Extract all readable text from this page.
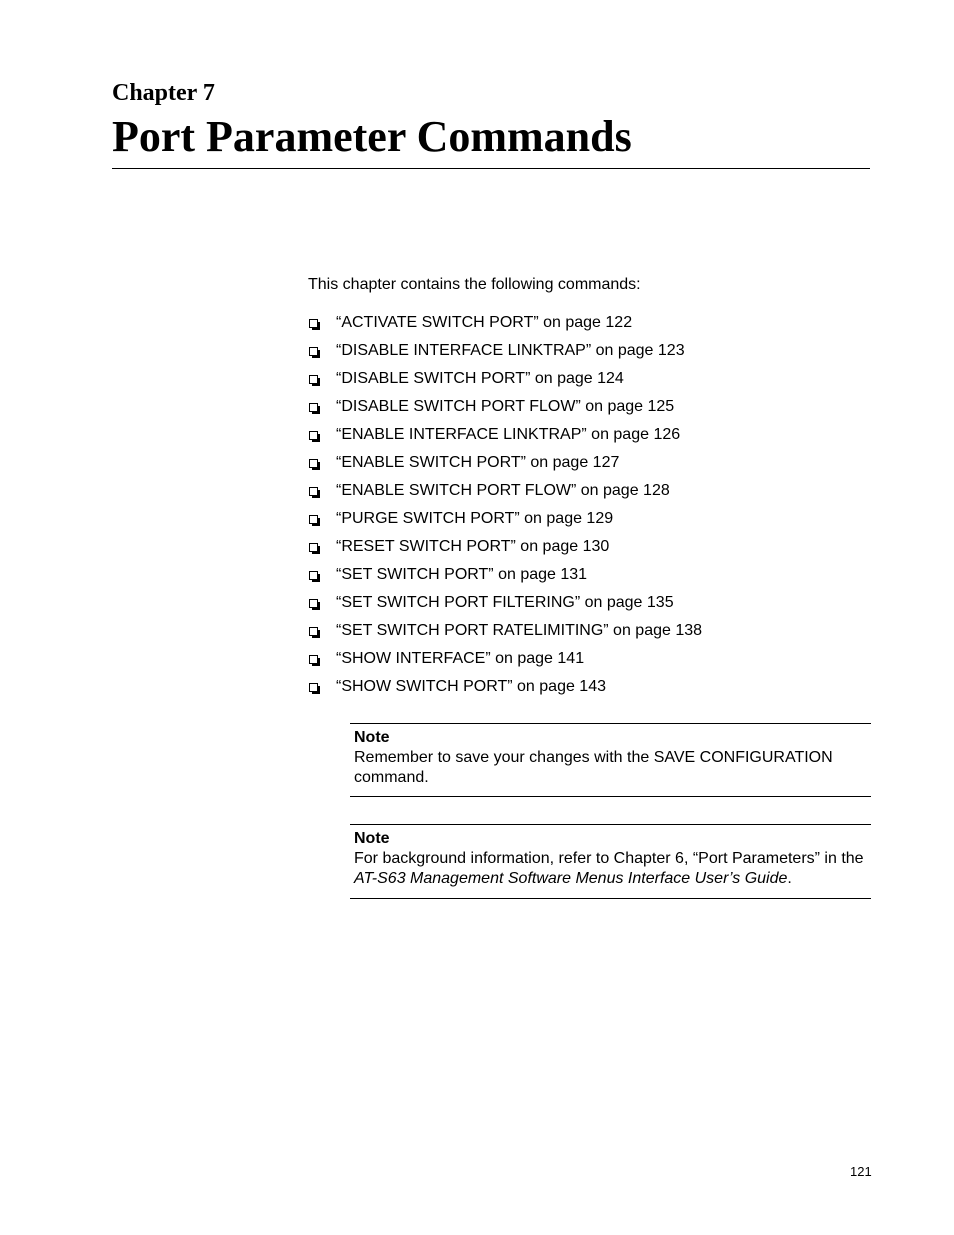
Chapter 7
Port Parameter Commands

This chapter contains the following commands:

“ACTIVATE SWITCH PORT” on page 122
“DISABLE INTERFACE LINKTRAP” on page 123
“DISABLE SWITCH PORT” on page 124
“DISABLE SWITCH PORT FLOW” on page 125
“ENABLE INTERFACE LINKTRAP” on page 126
“ENABLE SWITCH PORT” on page 127
“ENABLE SWITCH PORT FLOW” on page 128
“PURGE SWITCH PORT” on page 129
“RESET SWITCH PORT” on page 130
“SET SWITCH PORT” on page 131
“SET SWITCH PORT FILTERING” on page 135
“SET SWITCH PORT RATELIMITING” on page 138
“SHOW INTERFACE” on page 141
“SHOW SWITCH PORT” on page 143

Note

Remember to save your changes with the SAVE CONFIGURATION command.

Note

For background information, refer to Chapter 6, “Port Parameters” in the AT-S63 Management Software Menus Interface User’s Guide.

121
